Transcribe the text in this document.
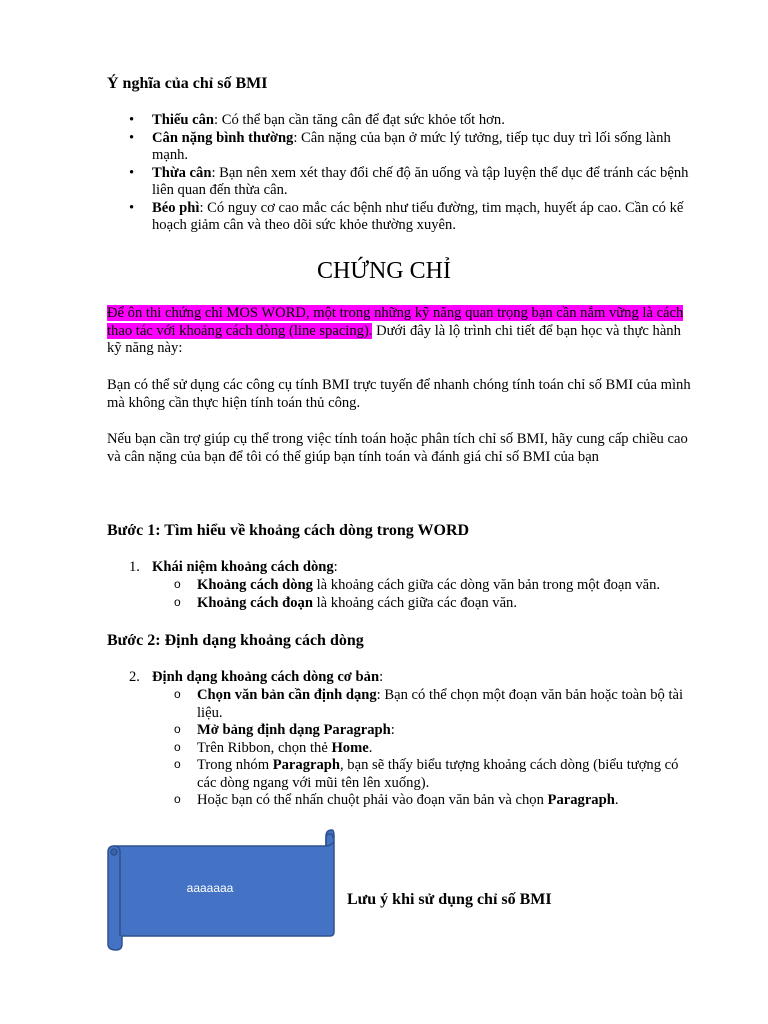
Ý nghĩa của chỉ số BMI
• Thiếu cân: Có thể bạn cần tăng cân để đạt sức khỏe tốt hơn.
• Cân nặng bình thường: Cân nặng của bạn ở mức lý tưởng, tiếp tục duy trì lối sống lành mạnh.
• Thừa cân: Bạn nên xem xét thay đổi chế độ ăn uống và tập luyện thể dục để tránh các bệnh liên quan đến thừa cân.
• Béo phì: Có nguy cơ cao mắc các bệnh như tiểu đường, tim mạch, huyết áp cao. Cần có kế hoạch giảm cân và theo dõi sức khỏe thường xuyên.
CHỨNG CHỈ
Để ôn thi chứng chỉ MOS WORD, một trong những kỹ năng quan trọng bạn cần nắm vững là cách thao tác với khoảng cách dòng (line spacing). Dưới đây là lộ trình chi tiết để bạn học và thực hành kỹ năng này:
Bạn có thể sử dụng các công cụ tính BMI trực tuyến để nhanh chóng tính toán chỉ số BMI của mình mà không cần thực hiện tính toán thủ công.
Nếu bạn cần trợ giúp cụ thể trong việc tính toán hoặc phân tích chỉ số BMI, hãy cung cấp chiều cao và cân nặng của bạn để tôi có thể giúp bạn tính toán và đánh giá chỉ số BMI của bạn
Bước 1: Tìm hiểu về khoảng cách dòng trong WORD
1. Khái niệm khoảng cách dòng:
o Khoảng cách dòng là khoảng cách giữa các dòng văn bản trong một đoạn văn.
o Khoảng cách đoạn là khoảng cách giữa các đoạn văn.
Bước 2: Định dạng khoảng cách dòng
2. Định dạng khoảng cách dòng cơ bản:
o Chọn văn bản cần định dạng: Bạn có thể chọn một đoạn văn bản hoặc toàn bộ tài liệu.
o Mở bảng định dạng Paragraph:
o Trên Ribbon, chọn thẻ Home.
o Trong nhóm Paragraph, bạn sẽ thấy biểu tượng khoảng cách dòng (biểu tượng có các dòng ngang với mũi tên lên xuống).
o Hoặc bạn có thể nhấn chuột phải vào đoạn văn bản và chọn Paragraph.
aaaaaaa
Lưu ý khi sử dụng chỉ số BMI
